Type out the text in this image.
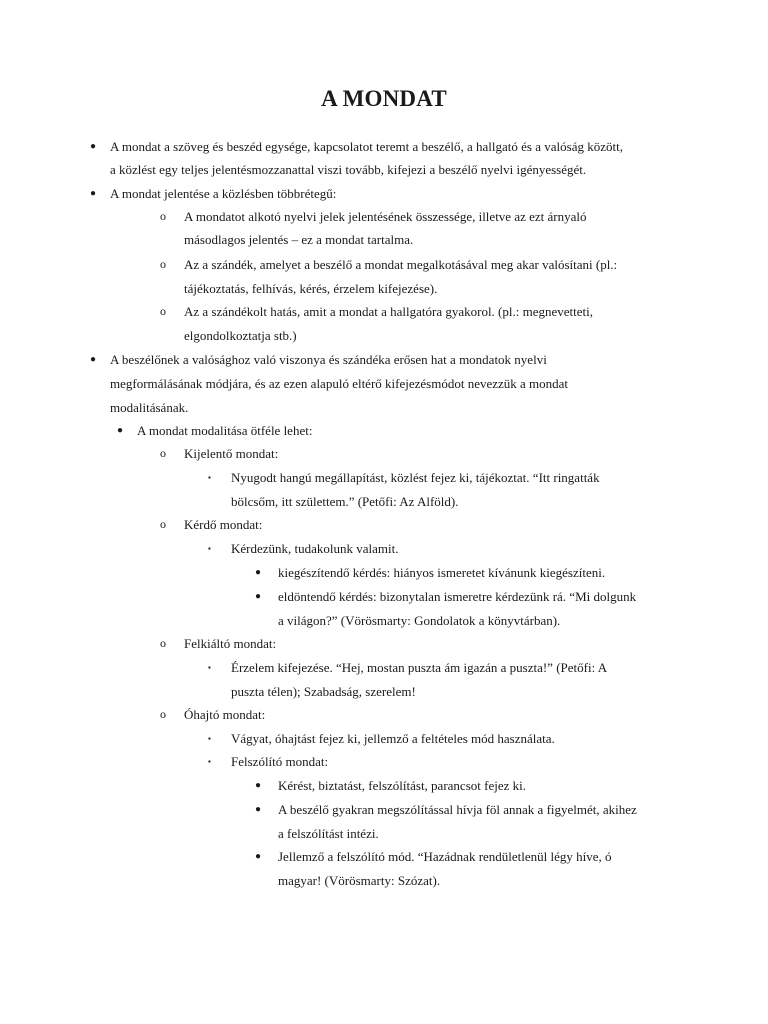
A MONDAT
● A mondat a szöveg és beszéd egysége, kapcsolatot teremt a beszélő, a hallgató és a valóság között,
a közlést egy teljes jelentésmozzanattal viszi tovább, kifejezi a beszélő nyelvi igényességét.
● A mondat jelentése a közlésben többrétegű:
o A mondatot alkotó nyelvi jelek jelentésének összessége, illetve az ezt árnyaló
másodlagos jelentés – ez a mondat tartalma.
o Az a szándék, amelyet a beszélő a mondat megalkotásával meg akar valósítani (pl.:
tájékoztatás, felhívás, kérés, érzelem kifejezése).
o Az a szándékolt hatás, amit a mondat a hallgatóra gyakorol. (pl.: megnevetteti,
elgondolkoztatja stb.)
● A beszélőnek a valósághoz való viszonya és szándéka erősen hat a mondatok nyelvi
megformálásának módjára, és az ezen alapuló eltérő kifejezésmódot nevezzük a mondat
modalitásának.
● A mondat modalitása ötféle lehet:
o Kijelentő mondat:
▪ Nyugodt hangú megállapítást, közlést fejez ki, tájékoztat. “Itt ringatták
bölcsőm, itt születtem.” (Petőfi: Az Alföld).
o Kérdő mondat:
▪ Kérdezünk, tudakolunk valamit.
● kiegészítendő kérdés: hiányos ismeretet kívánunk kiegészíteni.
● eldöntendő kérdés: bizonytalan ismeretre kérdezünk rá. “Mi dolgunk
a világon?” (Vörösmarty: Gondolatok a könyvtárban).
o Felkiáltó mondat:
▪ Érzelem kifejezése. “Hej, mostan puszta ám igazán a puszta!” (Petőfi: A
puszta télen); Szabadság, szerelem!
o Óhajtó mondat:
▪ Vágyat, óhajtást fejez ki, jellemző a feltételes mód használata.
▪ Felszólító mondat:
● Kérést, biztatást, felszólítást, parancsot fejez ki.
● A beszélő gyakran megszólítással hívja föl annak a figyelmét, akihez
a felszólítást intézi.
● Jellemző a felszólító mód. “Hazádnak rendületlenül légy híve, ó
magyar! (Vörösmarty: Szózat).
